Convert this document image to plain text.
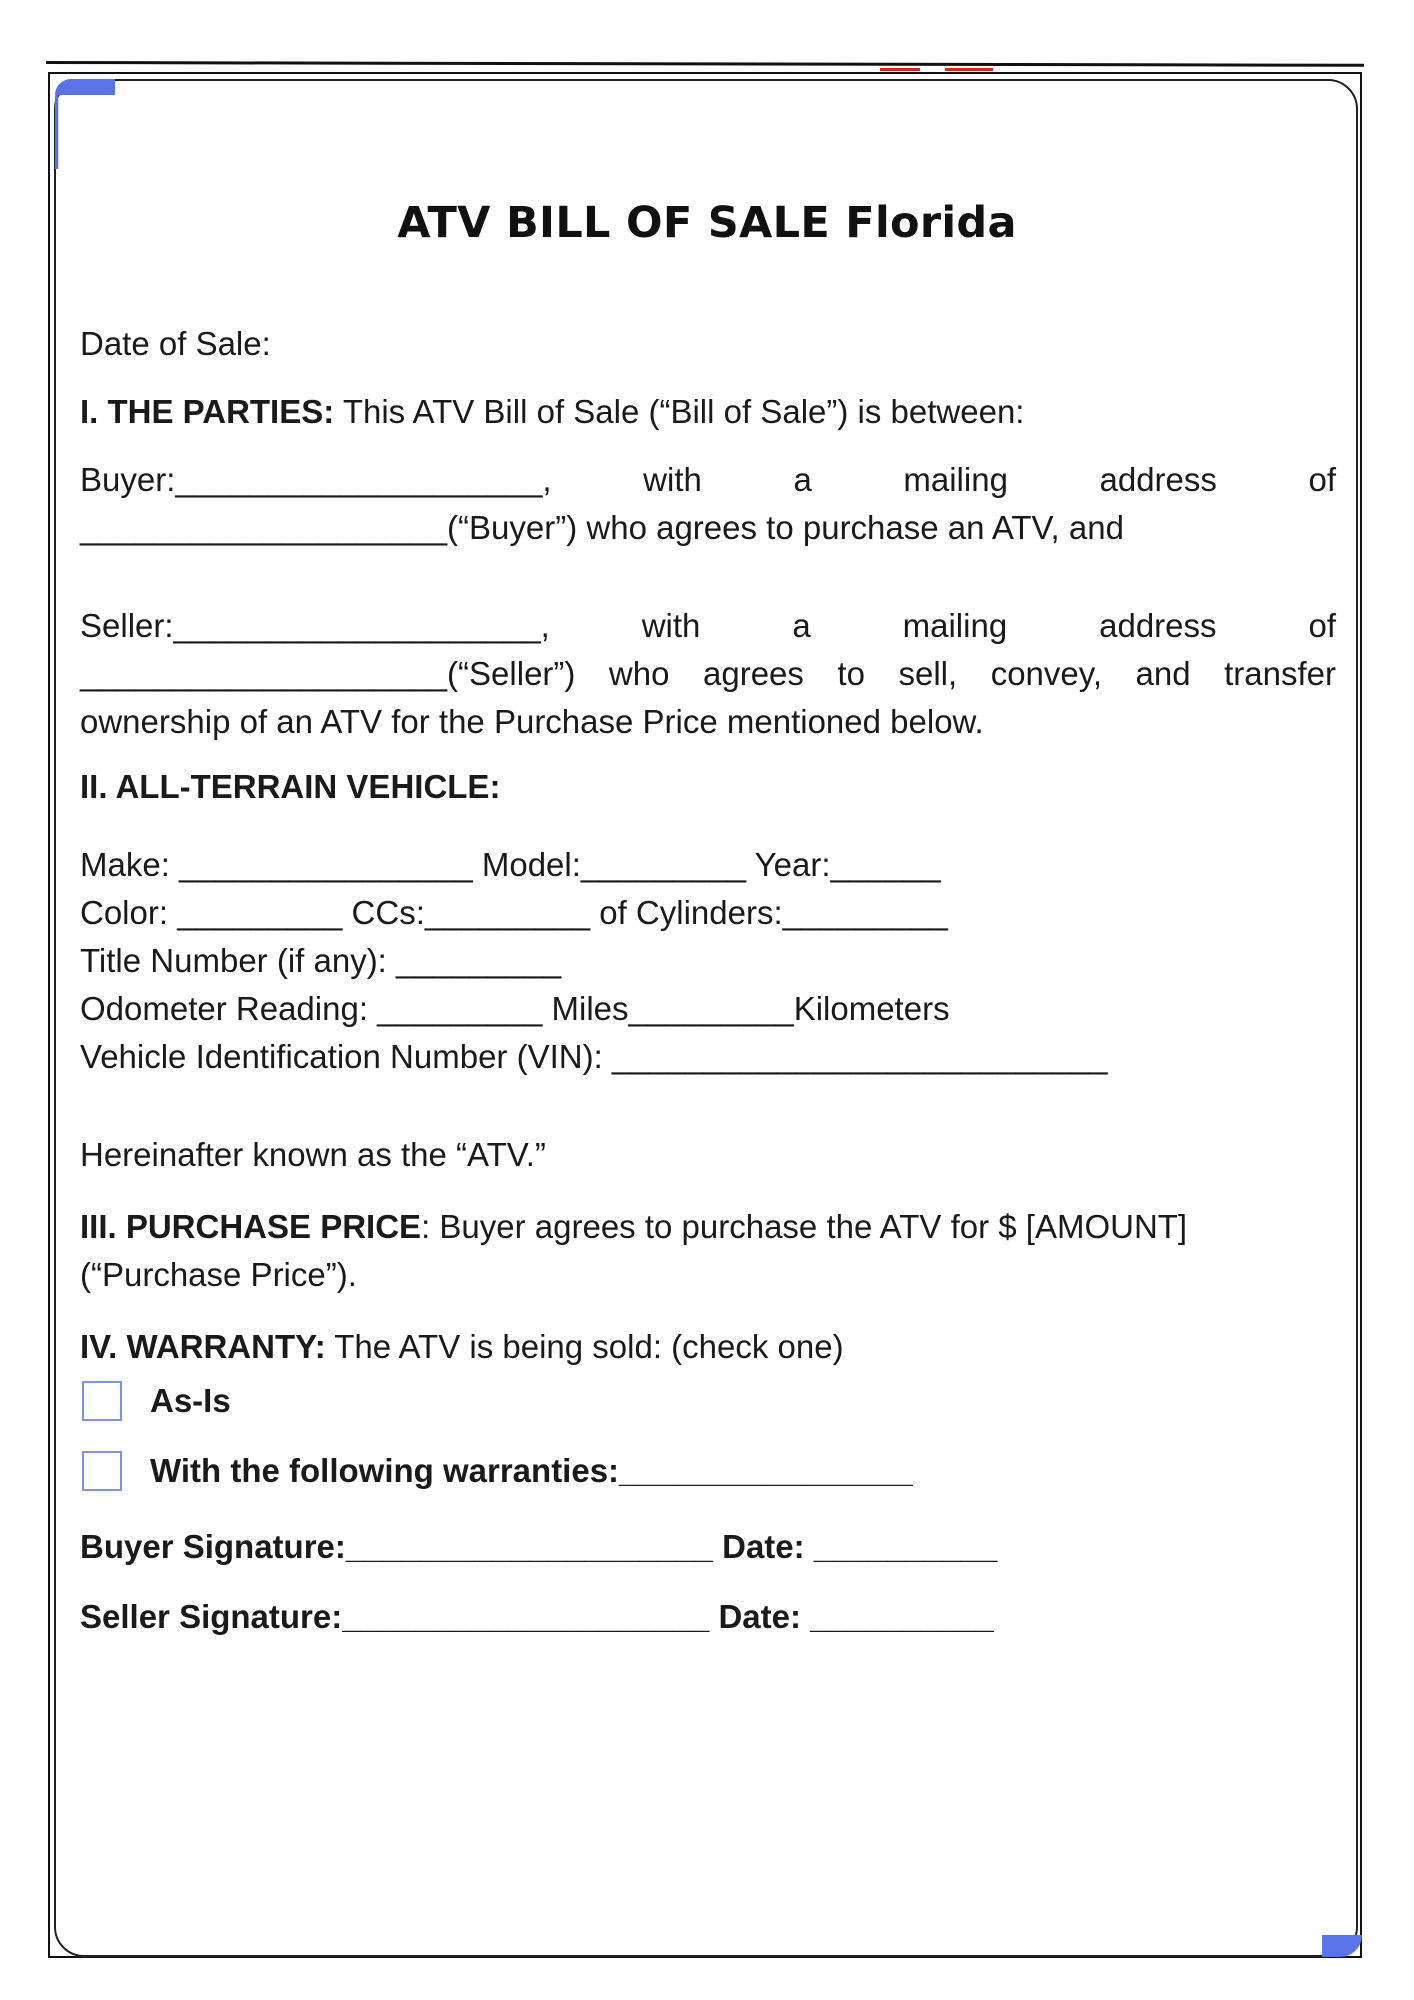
ATV BILL OF SALE Florida

Date of Sale:

I. THE PARTIES: This ATV Bill of Sale (“Bill of Sale”) is between:

Buyer:____________________, with a mailing address of

____________________(“Buyer”) who agrees to purchase an ATV, and

Seller:____________________, with a mailing address of

____________________(“Seller”) who agrees to sell, convey, and transfer

ownership of an ATV for the Purchase Price mentioned below.

II. ALL-TERRAIN VEHICLE:

Make: ________________ Model:_________ Year:______

Color: _________ CCs:_________ of Cylinders:_________

Title Number (if any): _________

Odometer Reading: _________ Miles_________Kilometers

Vehicle Identification Number (VIN): ___________________________

Hereinafter known as the “ATV.”

III. PURCHASE PRICE: Buyer agrees to purchase the ATV for $ [AMOUNT]

(“Purchase Price”).

IV. WARRANTY: The ATV is being sold: (check one)

As-Is
With the following warranties:________________

Buyer Signature:____________________ Date: __________

Seller Signature:____________________ Date: __________
